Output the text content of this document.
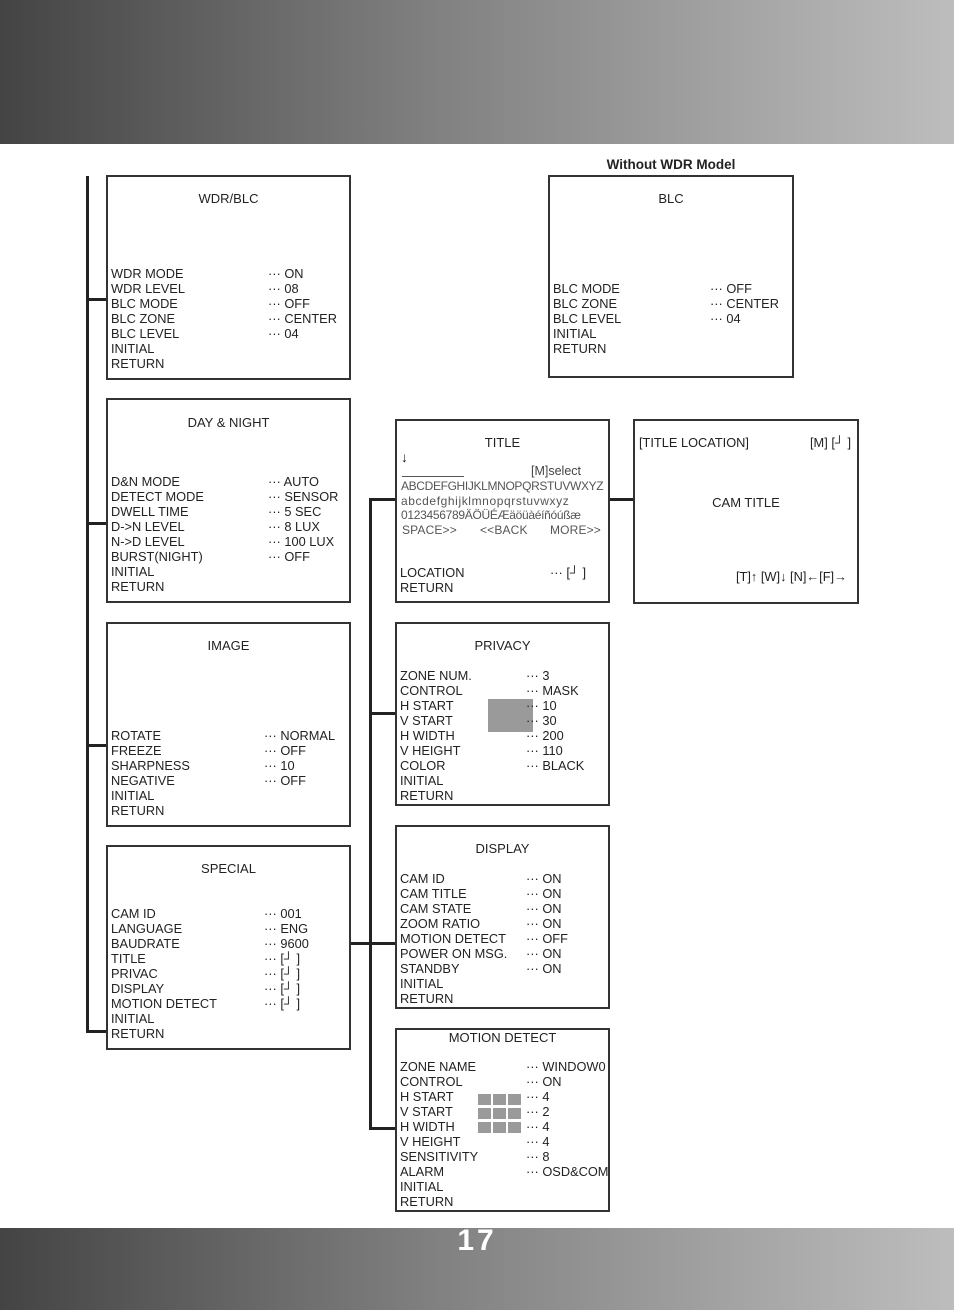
17
Without WDR Model
WDR/BLC
WDR MODE	··· ON
WDR LEVEL	··· 08
BLC MODE	··· OFF
BLC ZONE	··· CENTER
BLC LEVEL	··· 04
INITIAL
RETURN
BLC
BLC MODE	··· OFF
BLC ZONE	··· CENTER
BLC LEVEL	··· 04
INITIAL
RETURN
DAY & NIGHT
D&N MODE	··· AUTO
DETECT MODE	··· SENSOR
DWELL TIME	··· 5 SEC
D->N LEVEL	··· 8 LUX
N->D LEVEL	··· 100 LUX
BURST(NIGHT)	··· OFF
INITIAL
RETURN
IMAGE
ROTATE	··· NORMAL
FREEZE	··· OFF
SHARPNESS	··· 10
NEGATIVE	··· OFF
INITIAL
RETURN
SPECIAL
CAM ID	··· 001
LANGUAGE	··· ENG
BAUDRATE	··· 9600
TITLE	··· [┘ ]
PRIVAC	··· [┘ ]
DISPLAY	··· [┘ ]
MOTION DETECT	··· [┘ ]
INITIAL
RETURN
TITLE
↓
[M]select
ABCDEFGHIJKLMNOPQRSTUVWXYZ
abcdefghijklmnopqrstuvwxyz
0123456789ÄÖÜÉÆäöüàéíñóúßæ
SPACE>> <<BACK MORE>>
LOCATION	··· [┘ ]
RETURN
[TITLE LOCATION]	[M] [┘ ]
CAM TITLE
[T]↑ [W]↓ [N]←[F]→
PRIVACY
ZONE NUM.	··· 3
CONTROL	··· MASK
H START	··· 10
V START	··· 30
H WIDTH	··· 200
V HEIGHT	··· 110
COLOR	··· BLACK
INITIAL
RETURN
DISPLAY
CAM ID	··· ON
CAM TITLE	··· ON
CAM STATE	··· ON
ZOOM RATIO	··· ON
MOTION DETECT ··· OFF
POWER ON MSG. ··· ON
STANDBY	··· ON
INITIAL
RETURN
MOTION DETECT
ZONE NAME	··· WINDOW0
CONTROL	··· ON
H START	··· 4
V START	··· 2
H WIDTH	··· 4
V HEIGHT	··· 4
SENSITIVITY	··· 8
ALARM	··· OSD&COM
INITIAL
RETURN
